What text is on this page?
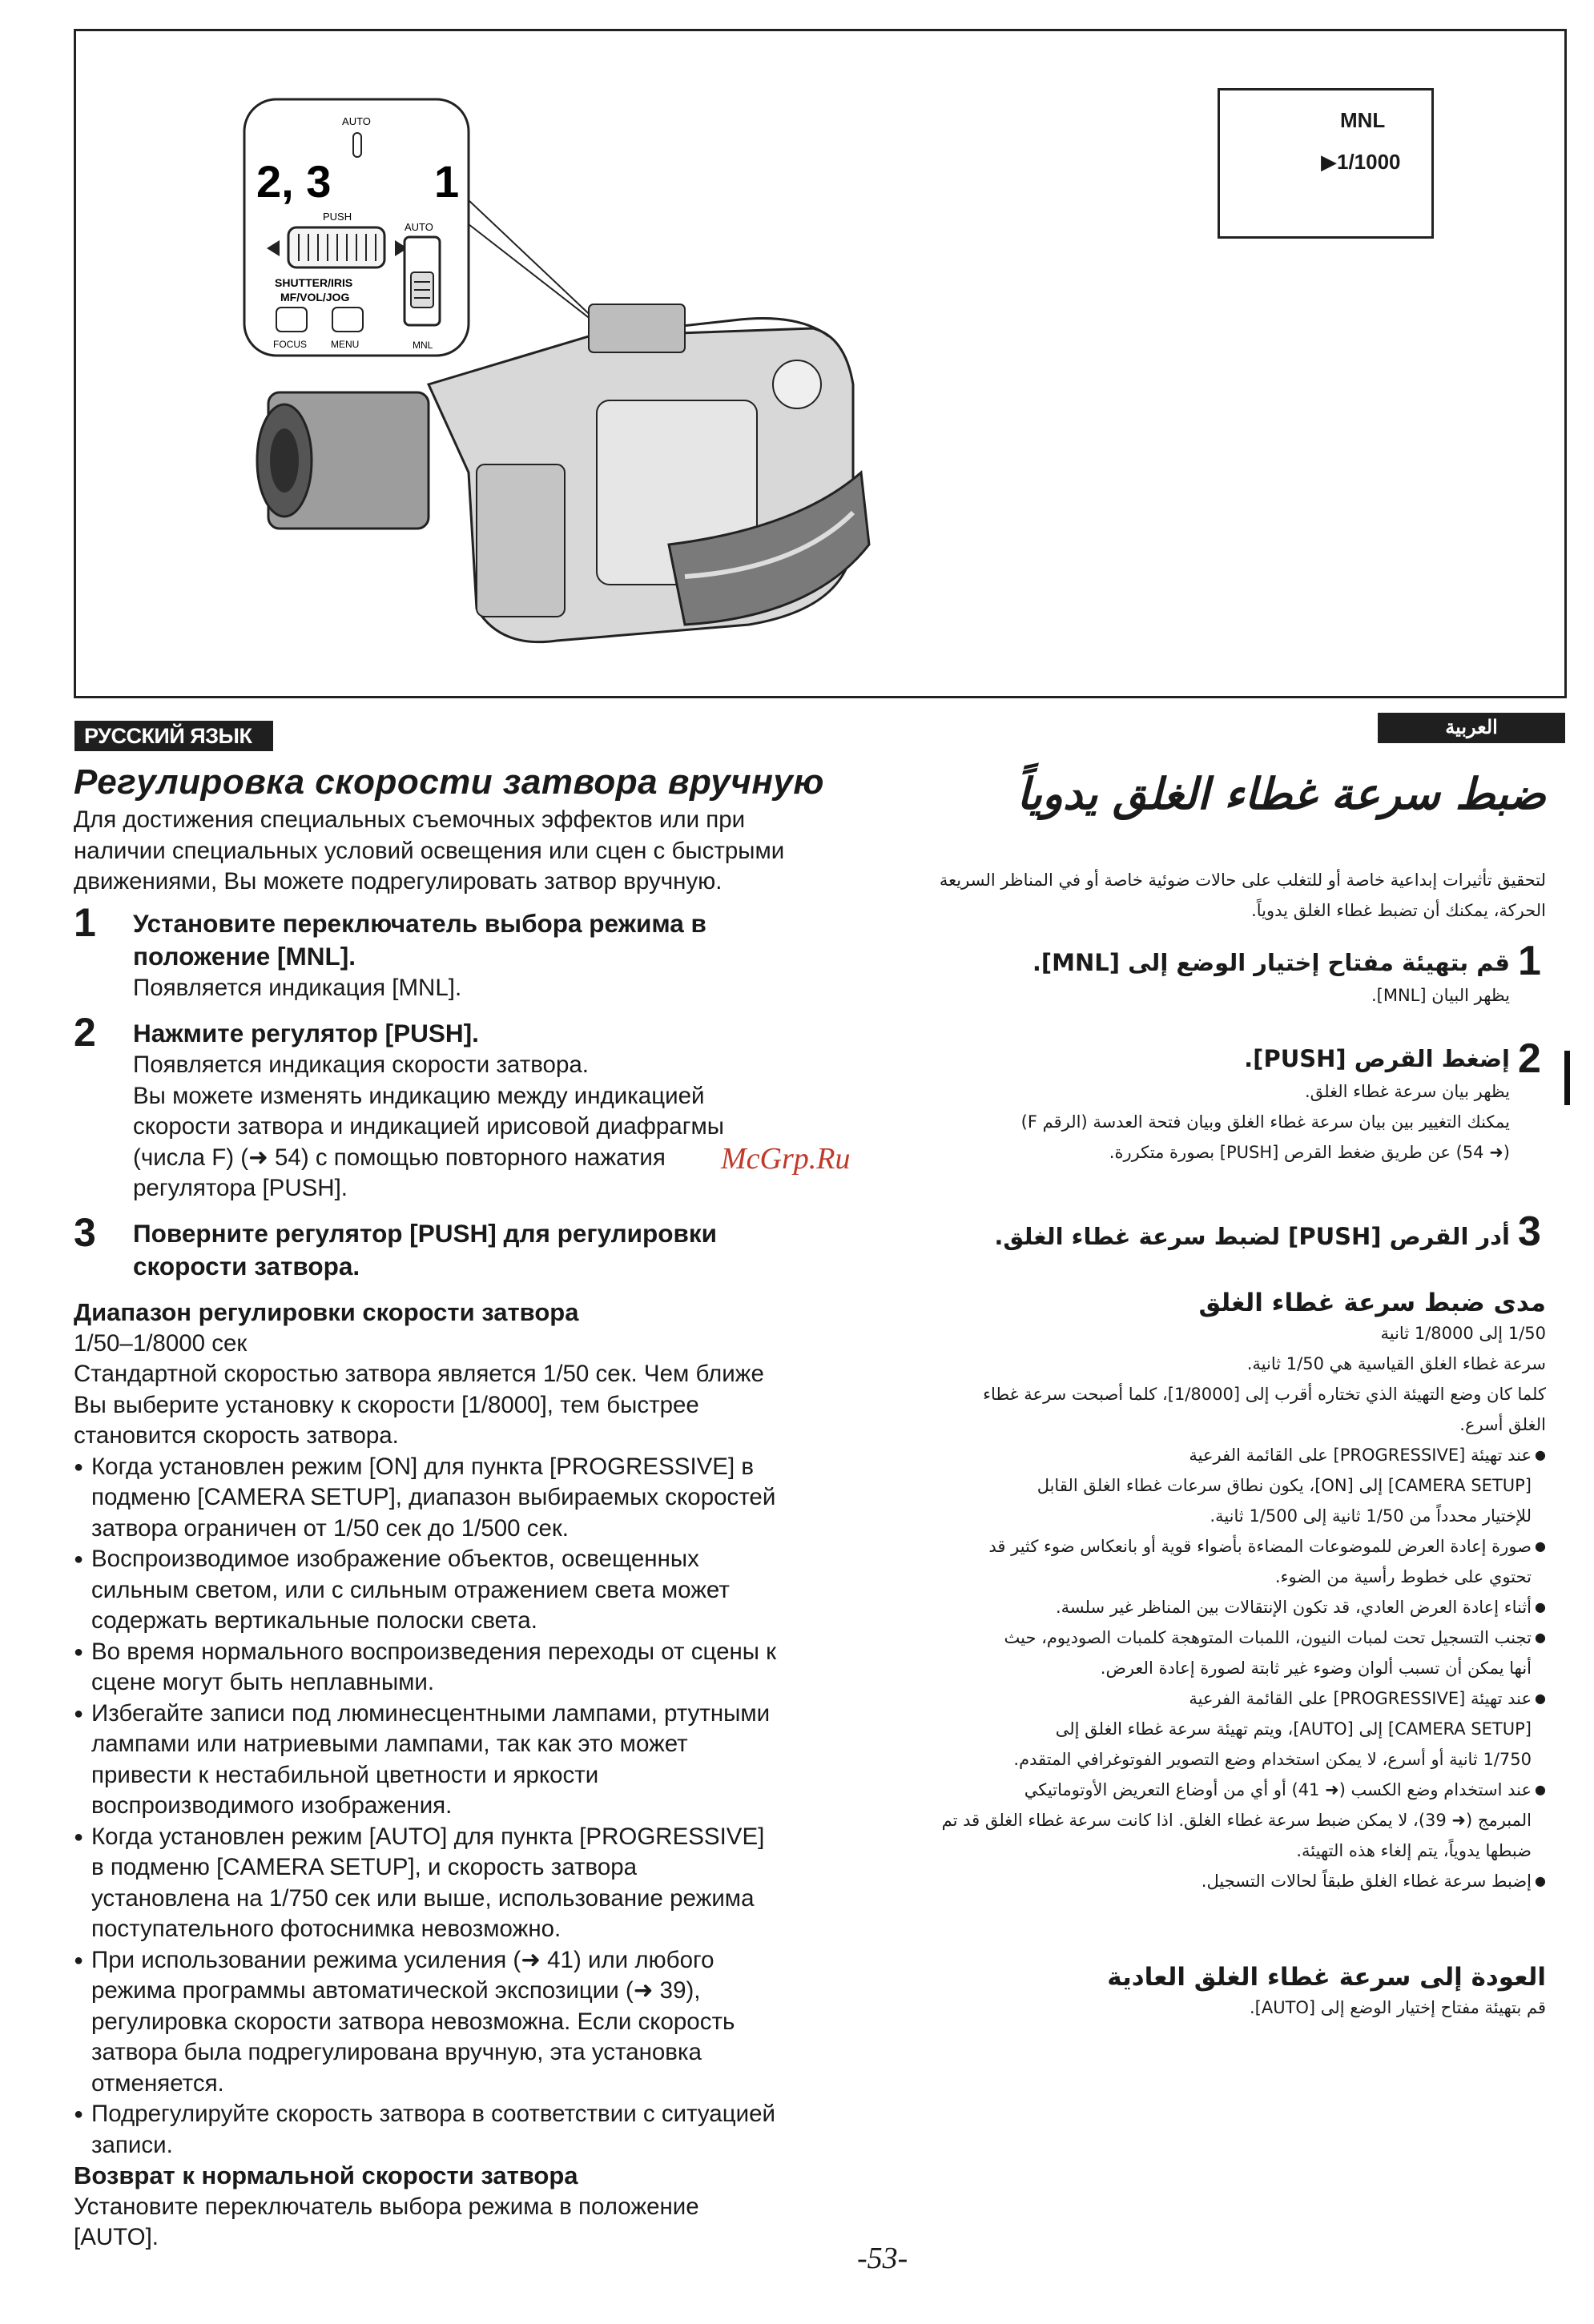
AUTO
2, 3 1
PUSH
AUTO
SHUTTER/IRIS
MF/VOL/JOG
FOCUS	MENU	MNL
MNL
▶1/1000
РУССКИЙ ЯЗЫК
Регулировка скорости затвора вручную
Для достижения специальных съемочных эффектов или при
наличии специальных условий освещения или сцен с быстрыми
движениями, Вы можете подрегулировать затвор вручную.
1 Установите переключатель выбора режима в
положение [MNL].
Появляется индикация [MNL].
2 Нажмите регулятор [PUSH].
Появляется индикация скорости затвора.
Вы можете изменять индикацию между индикацией
скорости затвора и индикацией ирисовой диафрагмы
(числа F) (➜ 54) с помощью повторного нажатия
регулятора [PUSH].
3 Поверните регулятор [PUSH] для регулировки
скорости затвора.
Диапазон регулировки скорости затвора
1/50–1/8000 сек
Стандартной скоростью затвора является 1/50 сек. Чем ближе
Вы выберите установку к скорости [1/8000], тем быстрее
становится скорость затвора.
● Когда установлен режим [ON] для пункта [PROGRESSIVE] в
подменю [CAMERA SETUP], диапазон выбираемых скоростей
затвора ограничен от 1/50 сек до 1/500 сек.
● Воспроизводимое изображение объектов, освещенных
сильным светом, или с сильным отражением света может
содержать вертикальные полоски света.
● Во время нормального воспроизведения переходы от сцены к
сцене могут быть неплавными.
● Избегайте записи под люминесцентными лампами, ртутными
лампами или натриевыми лампами, так как это может
привести к нестабильной цветности и яркости
воспроизводимого изображения.
● Когда установлен режим [AUTO] для пункта [PROGRESSIVE]
в подменю [CAMERA SETUP], и скорость затвора
установлена на 1/750 сек или выше, использование режима
поступательного фотоснимка невозможно.
● При использовании режима усиления (➜ 41) или любого
режима программы автоматической экспозиции (➜ 39),
регулировка скорости затвора невозможна. Если скорость
затвора была подрегулирована вручную, эта установка
отменяется.
● Подрегулируйте скорость затвора в соответствии с ситуацией
записи.
Возврат к нормальной скорости затвора
Установите переключатель выбора режима в положение
[AUTO].
McGrp.Ru
العربية
ضبط سرعة غطاء الغلق يدوياً
لتحقيق تأثيرات إبداعية خاصة أو للتغلب على حالات ضوئية خاصة أو في المناظر السريعة
الحركة، يمكنك أن تضبط غطاء الغلق يدوياً.
قم بتهيئة مفتاح إختيار الوضع إلى [MNL].
يظهر البيان [MNL].
1
إضغط القرص [PUSH].
يظهر بيان سرعة غطاء الغلق.
يمكنك التغيير بين بيان سرعة غطاء الغلق وبيان فتحة العدسة (الرقم F)
(➜ 54) عن طريق ضغط القرص [PUSH] بصورة متكررة.
2
أدر القرص [PUSH] لضبط سرعة غطاء الغلق. 3
مدى ضبط سرعة غطاء الغلق
1/50 إلى 1/8000 ثانية
سرعة غطاء الغلق القياسية هي 1/50 ثانية.
كلما كان وضع التهيئة الذي تختاره أقرب إلى [1/8000]، كلما أصبحت سرعة غطاء
الغلق أسرع.
● عند تهيئة [PROGRESSIVE] على القائمة الفرعية
[CAMERA SETUP] إلى [ON]، يكون نطاق سرعات غطاء الغلق القابل
للإختيار محدداً من 1/50 ثانية إلى 1/500 ثانية.
● صورة إعادة العرض للموضوعات المضاءة بأضواء قوية أو بانعكاس ضوء كثير قد
تحتوي على خطوط رأسية من الضوء.
● أثناء إعادة العرض العادي، قد تكون الإنتقالات بين المناظر غير سلسة.
● تجنب التسجيل تحت لمبات النيون، اللمبات المتوهجة كلمبات الصوديوم، حيث
أنها يمكن أن تسبب ألوان وضوء غير ثابتة لصورة إعادة العرض.
● عند تهيئة [PROGRESSIVE] على القائمة الفرعية
[CAMERA SETUP] إلى [AUTO]، ويتم تهيئة سرعة غطاء الغلق إلى
1/750 ثانية أو أسرع، لا يمكن استخدام وضع التصوير الفوتوغرافي المتقدم.
● عند استخدام وضع الكسب (➜ 41) أو أي من أوضاع التعريض الأوتوماتيكي
المبرمج (➜ 39)، لا يمكن ضبط سرعة غطاء الغلق. اذا كانت سرعة غطاء الغلق قد تم
ضبطها يدوياً، يتم إلغاء هذه التهيئة.
● إضبط سرعة غطاء الغلق طبقاً لحالات التسجيل.
العودة إلى سرعة غطاء الغلق العادية
قم بتهيئة مفتاح إختيار الوضع إلى [AUTO].
-53-
